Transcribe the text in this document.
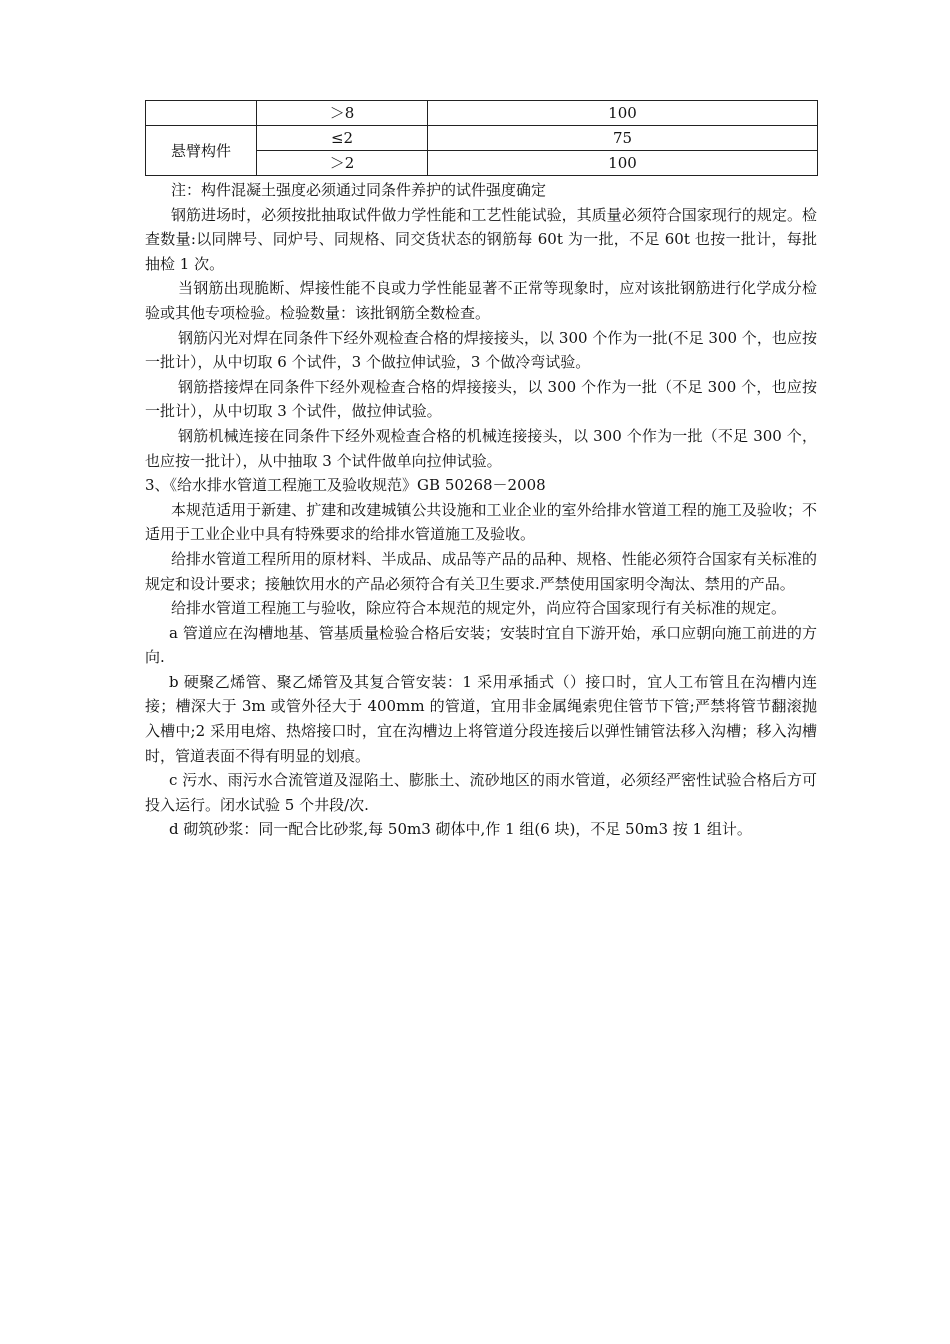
	＞8	100
悬臂构件	≤2	75
	＞2	100

注：构件混凝土强度必须通过同条件养护的试件强度确定

钢筋进场时，必须按批抽取试件做力学性能和工艺性能试验，其质量必须符合国家现行的规定。检查数量:以同牌号、同炉号、同规格、同交货状态的钢筋每 60t 为一批，不足 60t 也按一批计，每批抽检 1 次。

当钢筋出现脆断、焊接性能不良或力学性能显著不正常等现象时，应对该批钢筋进行化学成分检验或其他专项检验。检验数量：该批钢筋全数检查。

钢筋闪光对焊在同条件下经外观检查合格的焊接接头，以 300 个作为一批(不足 300 个，也应按一批计），从中切取 6 个试件，3 个做拉伸试验，3 个做冷弯试验。

钢筋搭接焊在同条件下经外观检查合格的焊接接头，以 300 个作为一批（不足 300 个，也应按一批计），从中切取 3 个试件，做拉伸试验。

钢筋机械连接在同条件下经外观检查合格的机械连接接头，以 300 个作为一批（不足 300 个，也应按一批计），从中抽取 3 个试件做单向拉伸试验。

3、《给水排水管道工程施工及验收规范》GB 50268－2008

本规范适用于新建、扩建和改建城镇公共设施和工业企业的室外给排水管道工程的施工及验收；不适用于工业企业中具有特殊要求的给排水管道施工及验收。

给排水管道工程所用的原材料、半成品、成品等产品的品种、规格、性能必须符合国家有关标准的规定和设计要求；接触饮用水的产品必须符合有关卫生要求.严禁使用国家明令淘汰、禁用的产品。

给排水管道工程施工与验收，除应符合本规范的规定外，尚应符合国家现行有关标准的规定。

a 管道应在沟槽地基、管基质量检验合格后安装；安装时宜自下游开始，承口应朝向施工前进的方向.

b 硬聚乙烯管、聚乙烯管及其复合管安装：1 采用承插式（）接口时，宜人工布管且在沟槽内连接；槽深大于 3m 或管外径大于 400mm 的管道，宜用非金属绳索兜住管节下管;严禁将管节翻滚抛入槽中;2 采用电熔、热熔接口时，宜在沟槽边上将管道分段连接后以弹性铺管法移入沟槽；移入沟槽时，管道表面不得有明显的划痕。

c 污水、雨污水合流管道及湿陷土、膨胀土、流砂地区的雨水管道，必须经严密性试验合格后方可投入运行。闭水试验 5 个井段/次.

d 砌筑砂浆：同一配合比砂浆,每 50m3 砌体中,作 1 组(6 块)，不足 50m3 按 1 组计。
